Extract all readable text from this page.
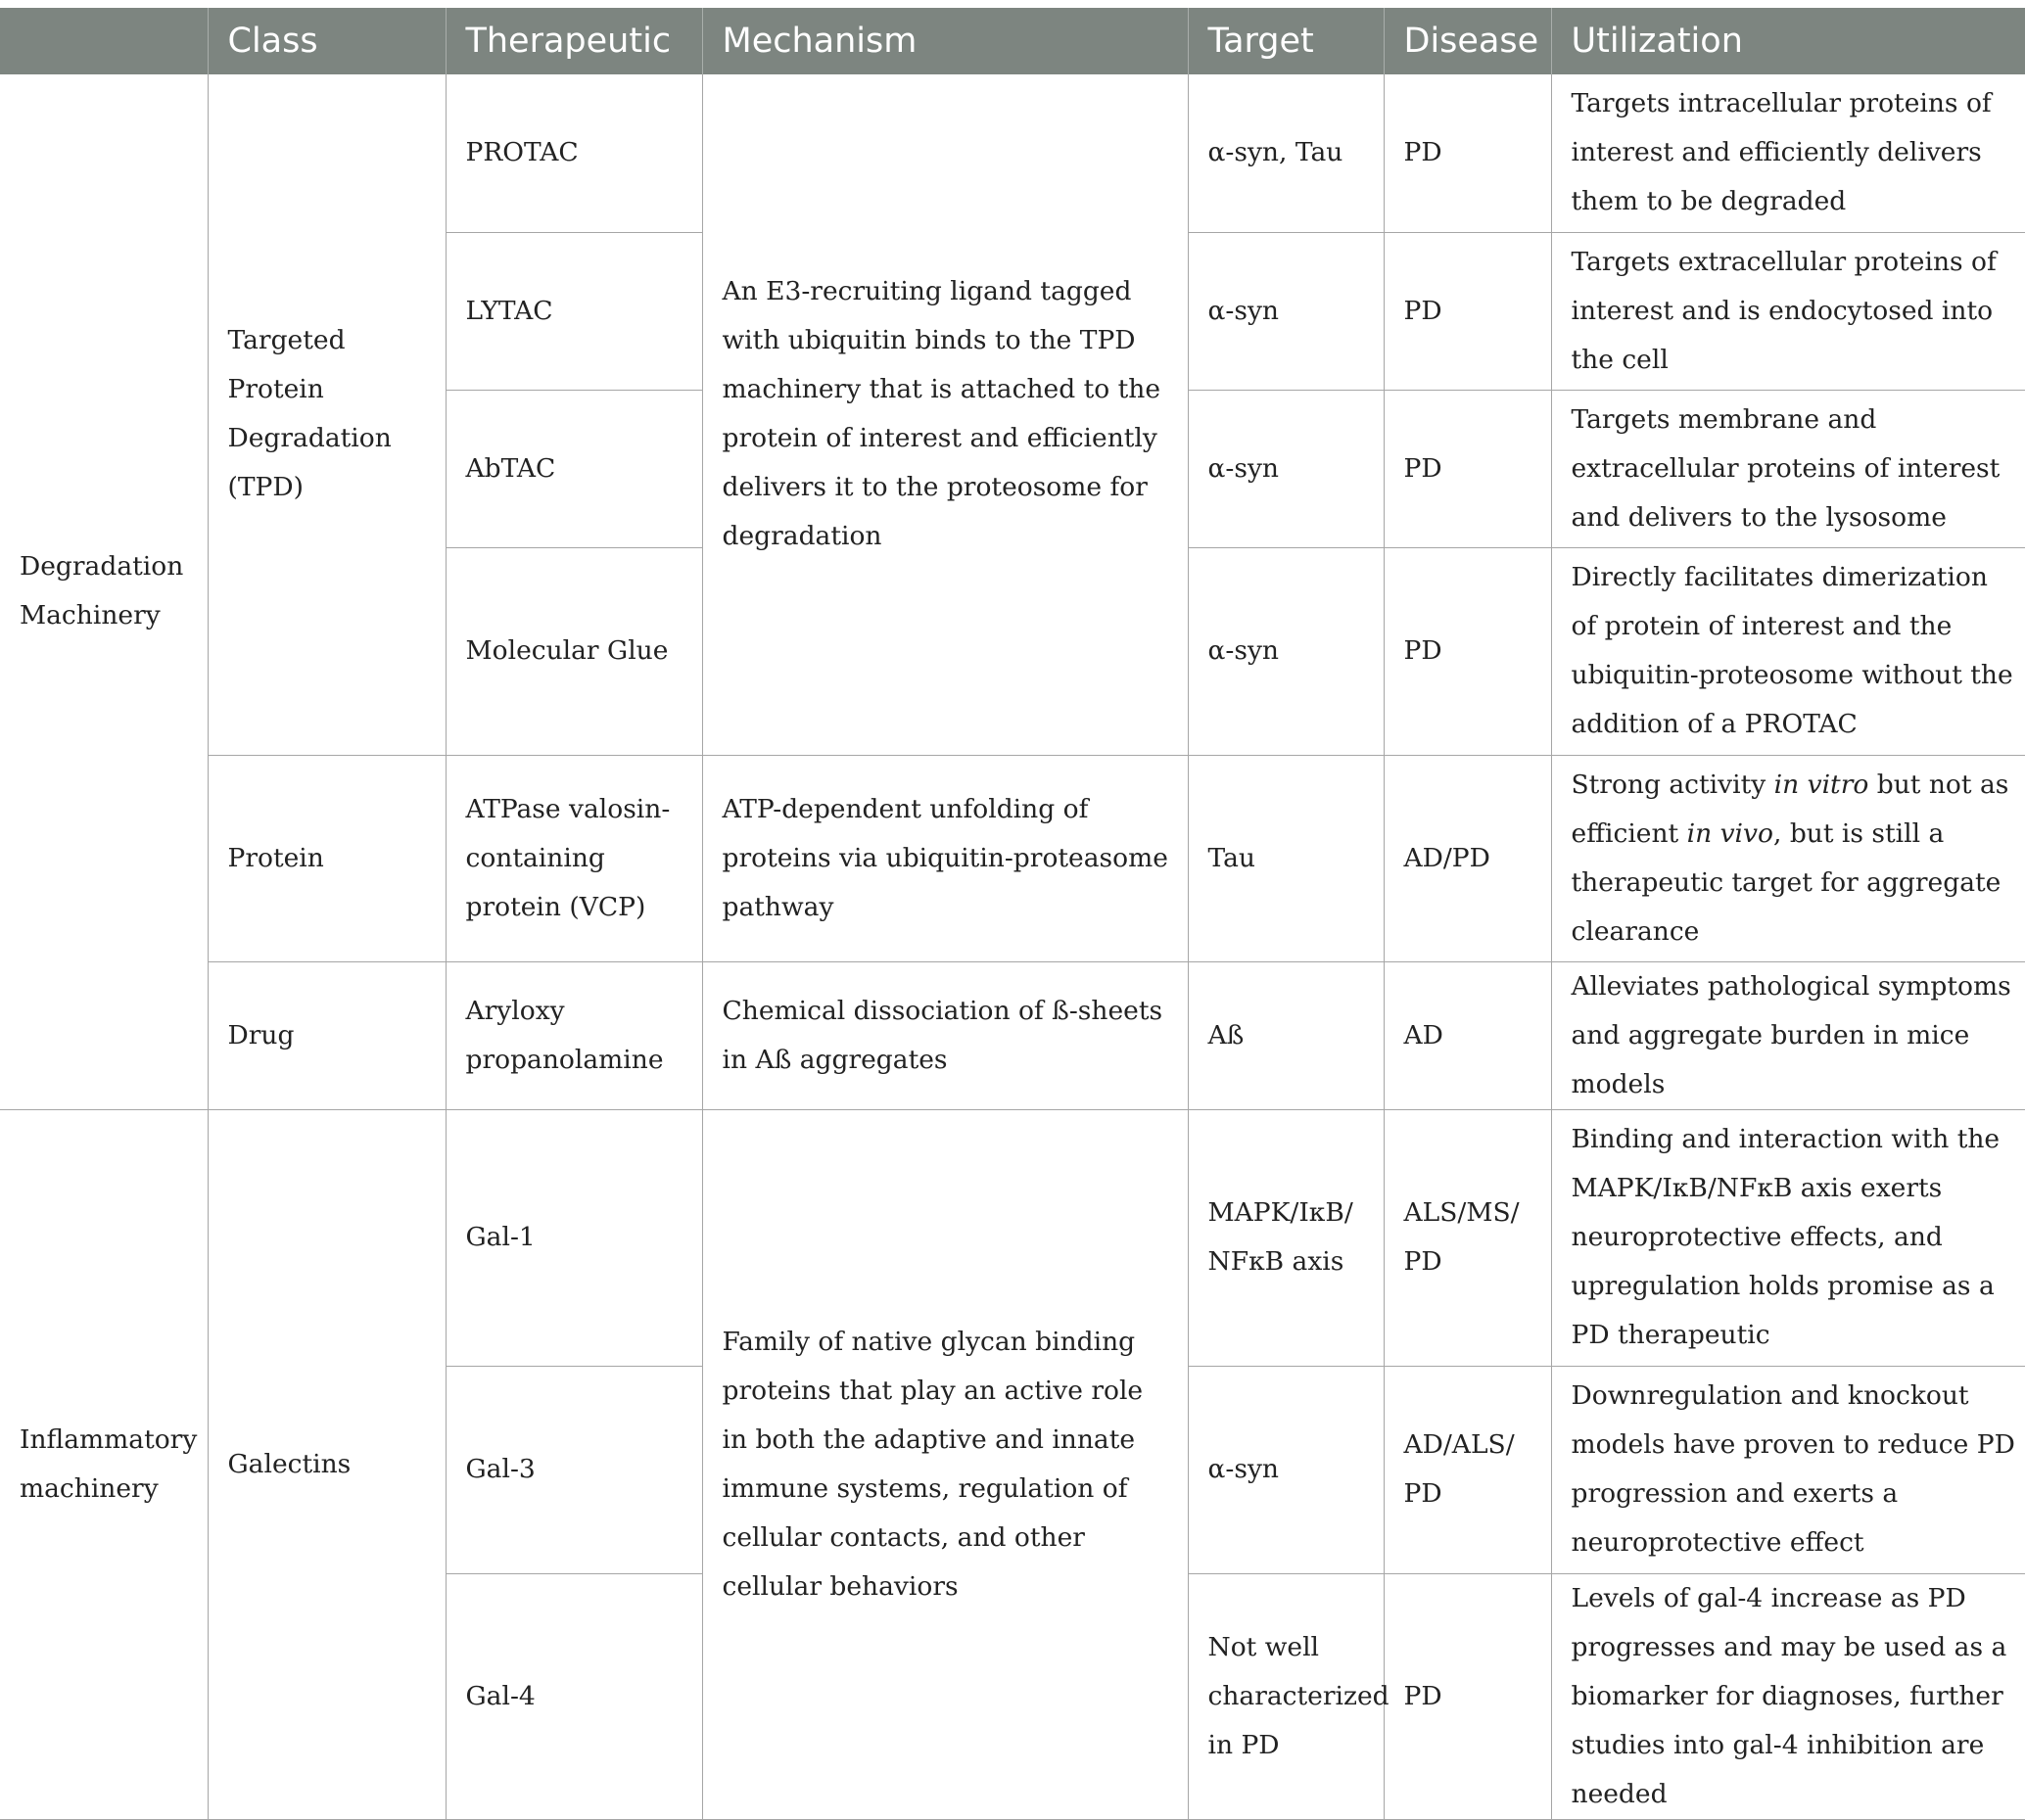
	Class	Therapeutic	Mechanism	Target	Disease	Utilization
Degradation Machinery	Targeted Protein Degradation (TPD)	PROTAC	An E3-recruiting ligand tagged with ubiquitin binds to the TPD machinery that is attached to the protein of interest and efficiently delivers it to the proteosome for degradation	α-syn, Tau	PD	Targets intracellular proteins of interest and efficiently delivers them to be degraded
		LYTAC		α-syn	PD	Targets extracellular proteins of interest and is endocytosed into the cell
		AbTAC		α-syn	PD	Targets membrane and extracellular proteins of interest and delivers to the lysosome
		Molecular Glue		α-syn	PD	Directly facilitates dimerization of protein of interest and the ubiquitin-proteosome without the addition of a PROTAC
	Protein	ATPase valosin-containing protein (VCP)	ATP-dependent unfolding of proteins via ubiquitin-proteasome pathway	Tau	AD/PD	Strong activity in vitro but not as efficient in vivo, but is still a therapeutic target for aggregate clearance
	Drug	Aryloxy propanolamine	Chemical dissociation of ß-sheets in Aß aggregates	Aß	AD	Alleviates pathological symptoms and aggregate burden in mice models
Inflammatory machinery	Galectins	Gal-1	Family of native glycan binding proteins that play an active role in both the adaptive and innate immune systems, regulation of cellular contacts, and other cellular behaviors	MAPK/IκB/ NFκB axis	ALS/MS/ PD	Binding and interaction with the MAPK/IκB/NFκB axis exerts neuroprotective effects, and upregulation holds promise as a PD therapeutic
		Gal-3		α-syn	AD/ALS/ PD	Downregulation and knockout models have proven to reduce PD progression and exerts a neuroprotective effect
		Gal-4		Not well characterized in PD	PD	Levels of gal-4 increase as PD progresses and may be used as a biomarker for diagnoses, further studies into gal-4 inhibition are needed
